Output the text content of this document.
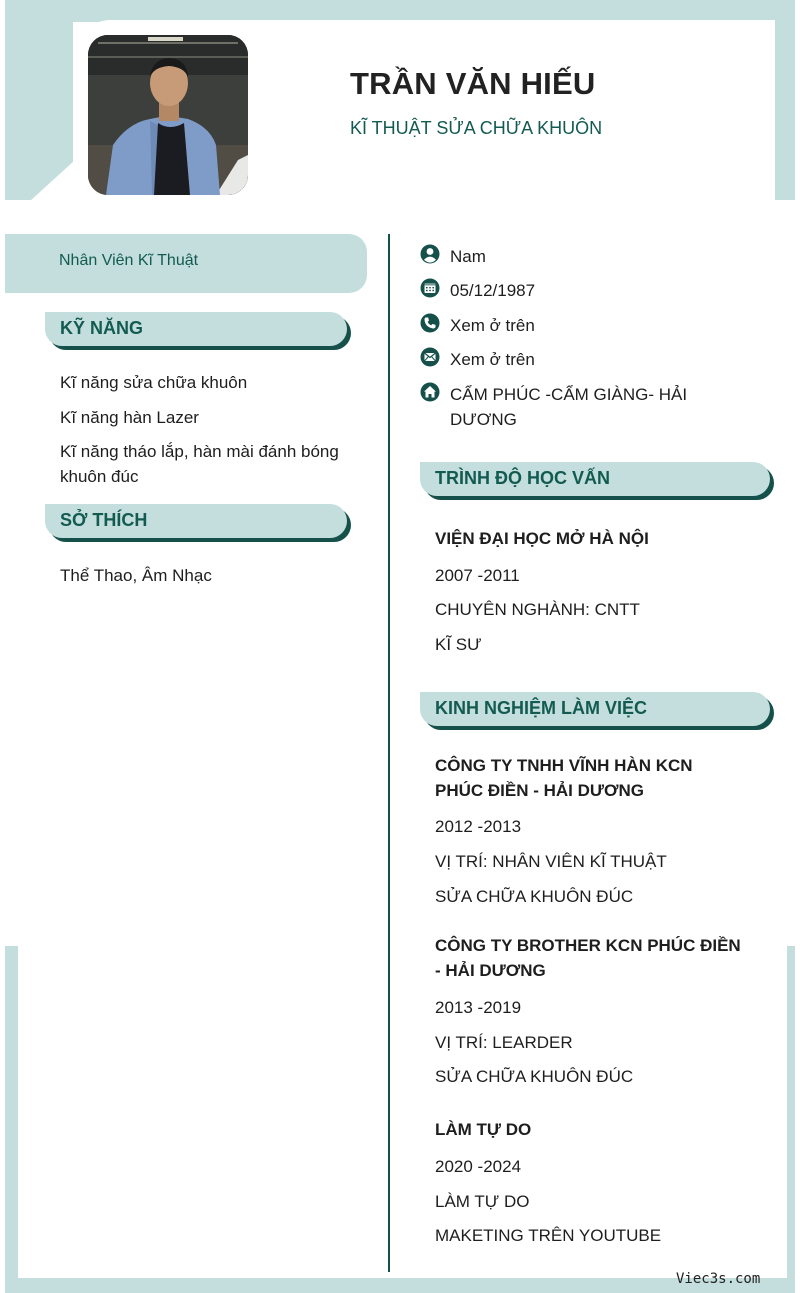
TRẦN VĂN HIẾU
KĨ THUẬT SỬA CHỮA KHUÔN
Nhân Viên Kĩ Thuật
KỸ NĂNG
Kĩ năng sửa chữa khuôn
Kĩ năng hàn Lazer
Kĩ năng tháo lắp, hàn mài đánh bóng khuôn đúc
SỞ THÍCH
Thể Thao, Âm Nhạc
Nam
05/12/1987
Xem ở trên
Xem ở trên
CẨM PHÚC -CẨM GIÀNG- HẢI DƯƠNG
TRÌNH ĐỘ HỌC VẤN
VIỆN ĐẠI HỌC MỞ HÀ NỘI
2007 -2011
CHUYÊN NGHÀNH: CNTT
KĨ SƯ
KINH NGHIỆM LÀM VIỆC
CÔNG TY TNHH VĨNH HÀN KCN PHÚC ĐIỀN - HẢI DƯƠNG
2012 -2013
VỊ TRÍ: NHÂN VIÊN KĨ THUẬT
SỬA CHỮA KHUÔN ĐÚC
CÔNG TY BROTHER KCN PHÚC ĐIỀN - HẢI DƯƠNG
2013 -2019
VỊ TRÍ: LEARDER
SỬA CHỮA KHUÔN ĐÚC
LÀM TỰ DO
2020 -2024
LÀM TỰ DO
MAKETING TRÊN YOUTUBE
Viec3s.com
